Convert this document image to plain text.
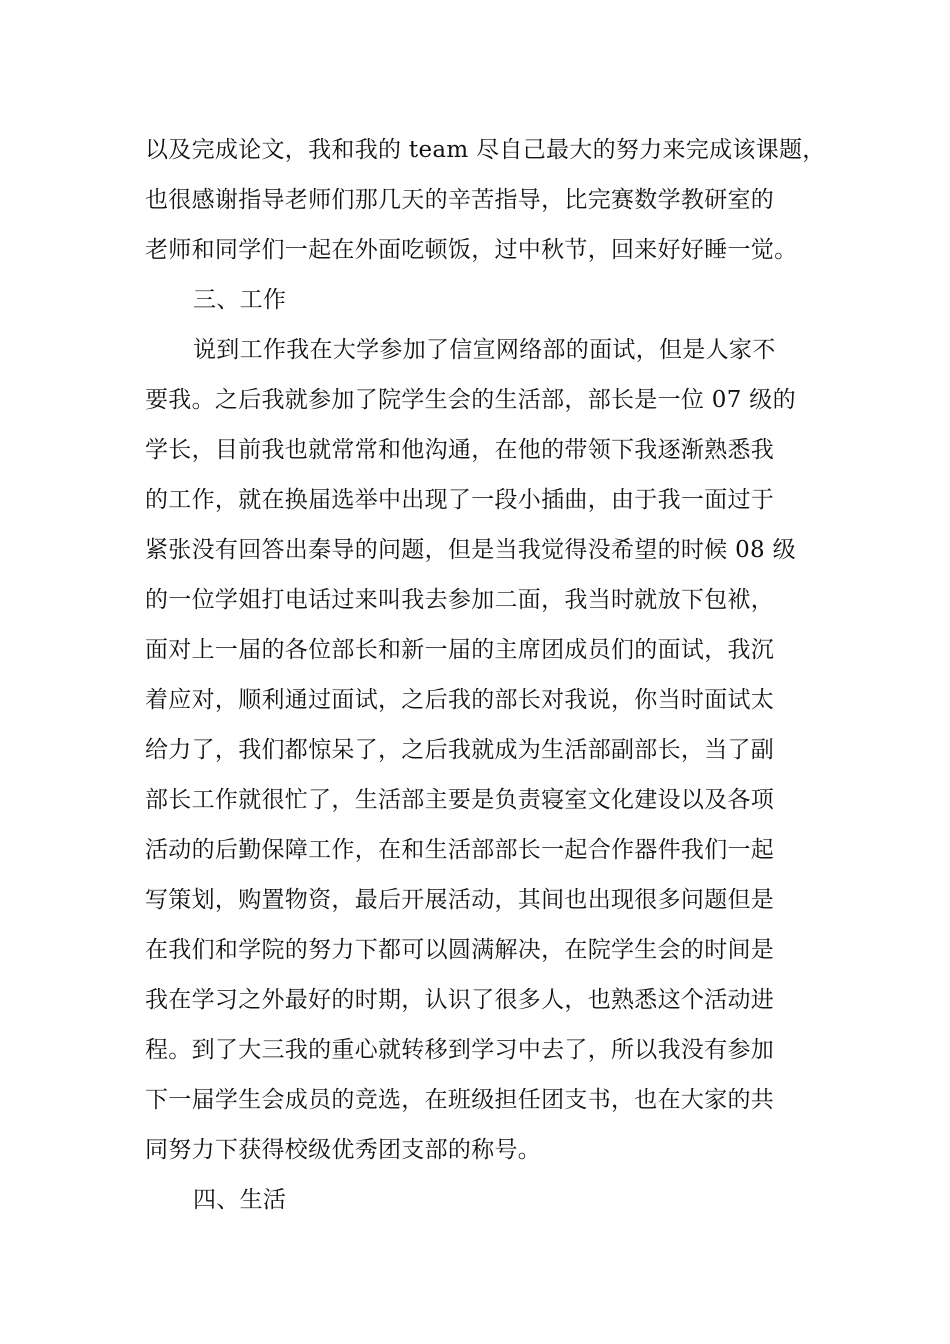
以及完成论文，我和我的 team 尽自己最大的努力来完成该课题，
也很感谢指导老师们那几天的辛苦指导，比完赛数学教研室的
老师和同学们一起在外面吃顿饭，过中秋节，回来好好睡一觉。
三、工作
说到工作我在大学参加了信宣网络部的面试，但是人家不
要我。之后我就参加了院学生会的生活部，部长是一位 07 级的
学长，目前我也就常常和他沟通，在他的带领下我逐渐熟悉我
的工作，就在换届选举中出现了一段小插曲，由于我一面过于
紧张没有回答出秦导的问题，但是当我觉得没希望的时候 08 级
的一位学姐打电话过来叫我去参加二面，我当时就放下包袱，
面对上一届的各位部长和新一届的主席团成员们的面试，我沉
着应对，顺利通过面试，之后我的部长对我说，你当时面试太
给力了，我们都惊呆了，之后我就成为生活部副部长，当了副
部长工作就很忙了，生活部主要是负责寝室文化建设以及各项
活动的后勤保障工作，在和生活部部长一起合作器件我们一起
写策划，购置物资，最后开展活动，其间也出现很多问题但是
在我们和学院的努力下都可以圆满解决，在院学生会的时间是
我在学习之外最好的时期，认识了很多人，也熟悉这个活动进
程。到了大三我的重心就转移到学习中去了，所以我没有参加
下一届学生会成员的竞选，在班级担任团支书，也在大家的共
同努力下获得校级优秀团支部的称号。
四、生活
